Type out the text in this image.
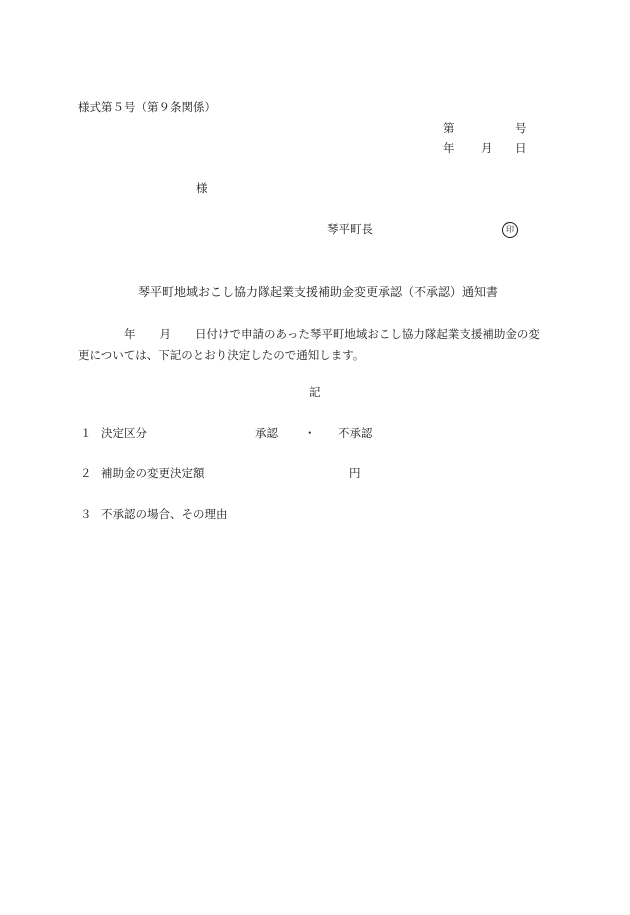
様式第５号（第９条関係）
第	号
年 月 日
様
琴平町長	印
琴平町地域おこし協力隊起業支援補助金変更承認（不承認）通知書
年 月 日付けで申請のあった琴平町地域おこし協力隊起業支援補助金の変
更については、下記のとおり決定したので通知します。
記
１ 決定区分	承認 ・ 不承認
２ 補助金の変更決定額	円
３ 不承認の場合、その理由
